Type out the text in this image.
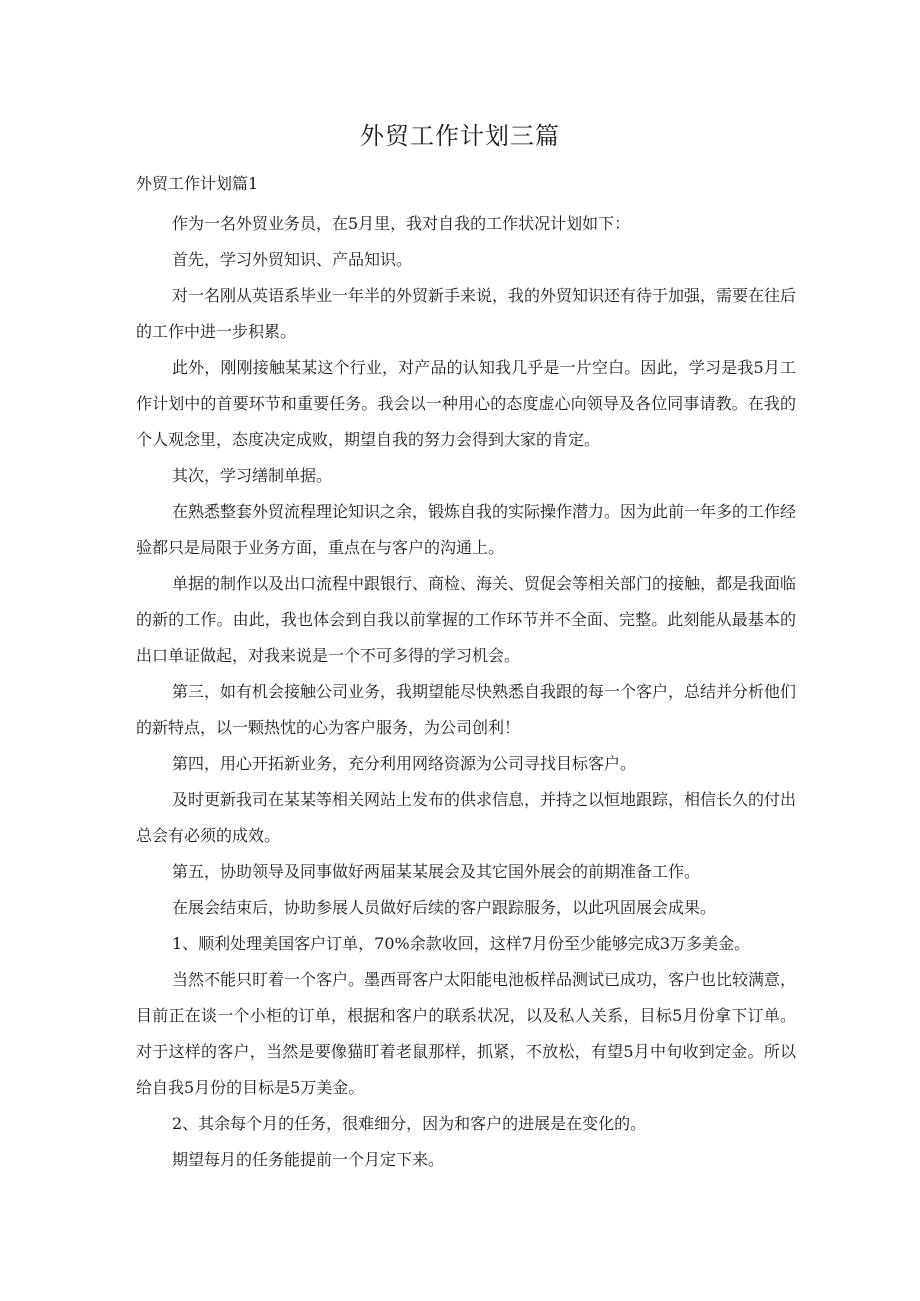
外贸工作计划三篇

外贸工作计划篇1

作为一名外贸业务员，在5月里，我对自我的工作状况计划如下：

首先，学习外贸知识、产品知识。

对一名刚从英语系毕业一年半的外贸新手来说，我的外贸知识还有待于加强，需要在往后的工作中进一步积累。

此外，刚刚接触某某这个行业，对产品的认知我几乎是一片空白。因此，学习是我5月工作计划中的首要环节和重要任务。我会以一种用心的态度虚心向领导及各位同事请教。在我的个人观念里，态度决定成败，期望自我的努力会得到大家的肯定。

其次，学习缮制单据。

在熟悉整套外贸流程理论知识之余，锻炼自我的实际操作潜力。因为此前一年多的工作经验都只是局限于业务方面，重点在与客户的沟通上。

单据的制作以及出口流程中跟银行、商检、海关、贸促会等相关部门的接触，都是我面临的新的工作。由此，我也体会到自我以前掌握的工作环节并不全面、完整。此刻能从最基本的出口单证做起，对我来说是一个不可多得的学习机会。

第三，如有机会接触公司业务，我期望能尽快熟悉自我跟的每一个客户，总结并分析他们的新特点，以一颗热忱的心为客户服务，为公司创利！

第四，用心开拓新业务，充分利用网络资源为公司寻找目标客户。

及时更新我司在某某等相关网站上发布的供求信息，并持之以恒地跟踪，相信长久的付出总会有必须的成效。

第五，协助领导及同事做好两届某某展会及其它国外展会的前期准备工作。

在展会结束后，协助参展人员做好后续的客户跟踪服务，以此巩固展会成果。

1、顺利处理美国客户订单，70%余款收回，这样7月份至少能够完成3万多美金。

当然不能只盯着一个客户。墨西哥客户太阳能电池板样品测试已成功，客户也比较满意，目前正在谈一个小柜的订单，根据和客户的联系状况，以及私人关系，目标5月份拿下订单。对于这样的客户，当然是要像猫盯着老鼠那样，抓紧，不放松，有望5月中旬收到定金。所以给自我5月份的目标是5万美金。

2、其余每个月的任务，很难细分，因为和客户的进展是在变化的。

期望每月的任务能提前一个月定下来。
